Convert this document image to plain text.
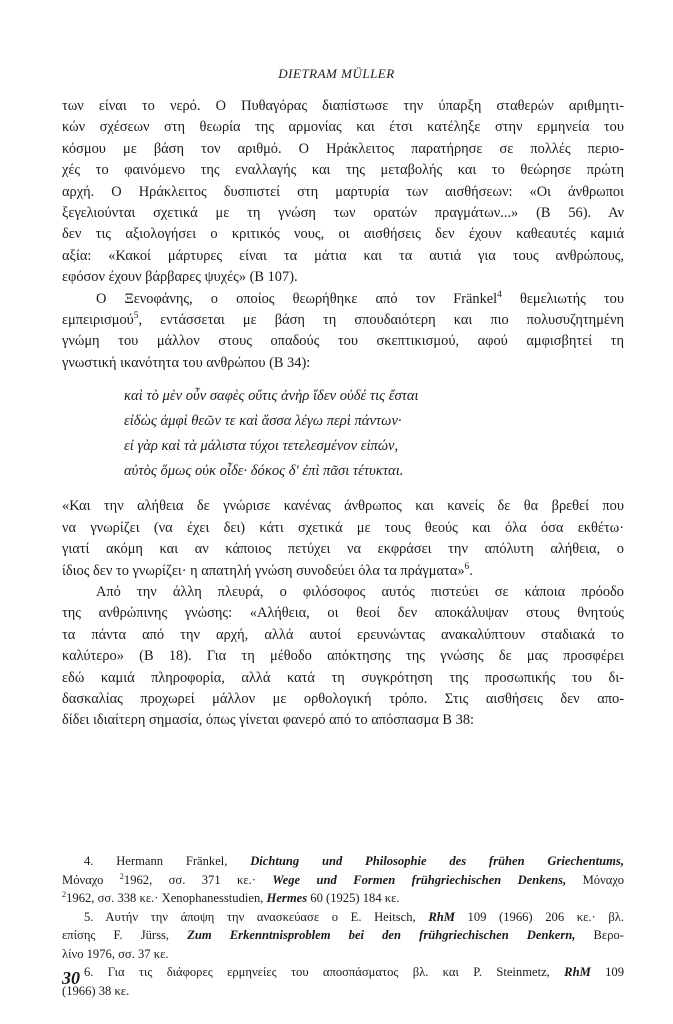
DIETRAM MÜLLER

των είναι το νερό. Ο Πυθαγόρας διαπίστωσε την ύπαρξη σταθερών αριθμητι-
κών σχέσεων στη θεωρία της αρμονίας και έτσι κατέληξε στην ερμηνεία του
κόσμου με βάση τον αριθμό. Ο Ηράκλειτος παρατήρησε σε πολλές περιο-
χές το φαινόμενο της εναλλαγής και της μεταβολής και το θεώρησε πρώτη
αρχή. Ο Ηράκλειτος δυσπιστεί στη μαρτυρία των αισθήσεων: «Οι άνθρωποι
ξεγελιούνται σχετικά με τη γνώση των ορατών πραγμάτων...» (Β 56). Αν
δεν τις αξιολογήσει ο κριτικός νους, οι αισθήσεις δεν έχουν καθεαυτές καμιά
αξία: «Κακοί μάρτυρες είναι τα μάτια και τα αυτιά για τους ανθρώπους,
εφόσον έχουν βάρβαρες ψυχές» (Β 107).

Ο Ξενοφάνης, ο οποίος θεωρήθηκε από τον Fränkel$^4$ θεμελιωτής του
εμπειρισμού$^5$, εντάσσεται με βάση τη σπουδαιότερη και πιο πολυσυζητημένη
γνώμη του μάλλον στους οπαδούς του σκεπτικισμού, αφού αμφισβητεί τη
γνωστική ικανότητα του ανθρώπου (Β 34):

καὶ τὸ μὲν οὖν σαφὲς οὔτις ἀνὴρ ἴδεν οὐδέ τις ἔσται
εἰδὼς ἀμφὶ θεῶν τε καὶ ἅσσα λέγω περὶ πάντων·
εἰ γὰρ καὶ τὰ μάλιστα τύχοι τετελεσμένον εἰπών,
αὐτὸς ὅμως οὐκ οἶδε· δόκος δ' ἐπὶ πᾶσι τέτυκται.

«Και την αλήθεια δε γνώρισε κανένας άνθρωπος και κανείς δε θα βρεθεί που
να γνωρίζει (να έχει δει) κάτι σχετικά με τους θεούς και όλα όσα εκθέτω·
γιατί ακόμη και αν κάποιος πετύχει να εκφράσει την απόλυτη αλήθεια, ο
ίδιος δεν το γνωρίζει· η απατηλή γνώση συνοδεύει όλα τα πράγματα»$^6$.

Από την άλλη πλευρά, ο φιλόσοφος αυτός πιστεύει σε κάποια πρόοδο
της ανθρώπινης γνώσης: «Αλήθεια, οι θεοί δεν αποκάλυψαν στους θνητούς
τα πάντα από την αρχή, αλλά αυτοί ερευνώντας ανακαλύπτουν σταδιακά το
καλύτερο» (Β 18). Για τη μέθοδο απόκτησης της γνώσης δε μας προσφέρει
εδώ καμιά πληροφορία, αλλά κατά τη συγκρότηση της προσωπικής του δι-
δασκαλίας προχωρεί μάλλον με ορθολογική τρόπο. Στις αισθήσεις δεν απο-
δίδει ιδιαίτερη σημασία, όπως γίνεται φανερό από το απόσπασμα Β 38:

4. Hermann Fränkel, Dichtung und Philosophie des frühen Griechentums,
Μόναχο $^2$1962, σσ. 371 κε.· Wege und Formen frühgriechischen Denkens, Μόναχο
$^2$1962, σσ. 338 κε.· Xenophanesstudien, Hermes 60 (1925) 184 κε.

5. Αυτήν την άποψη την ανασκεύασε ο E. Heitsch, RhM 109 (1966) 206 κε.· βλ.
επίσης F. Jürss, Zum Erkenntnisproblem bei den frühgriechischen Denkern, Βερο-
λίνο 1976, σσ. 37 κε.

6. Για τις διάφορες ερμηνείες του αποσπάσματος βλ. και P. Steinmetz, RhM 109
(1966) 38 κε.

30
